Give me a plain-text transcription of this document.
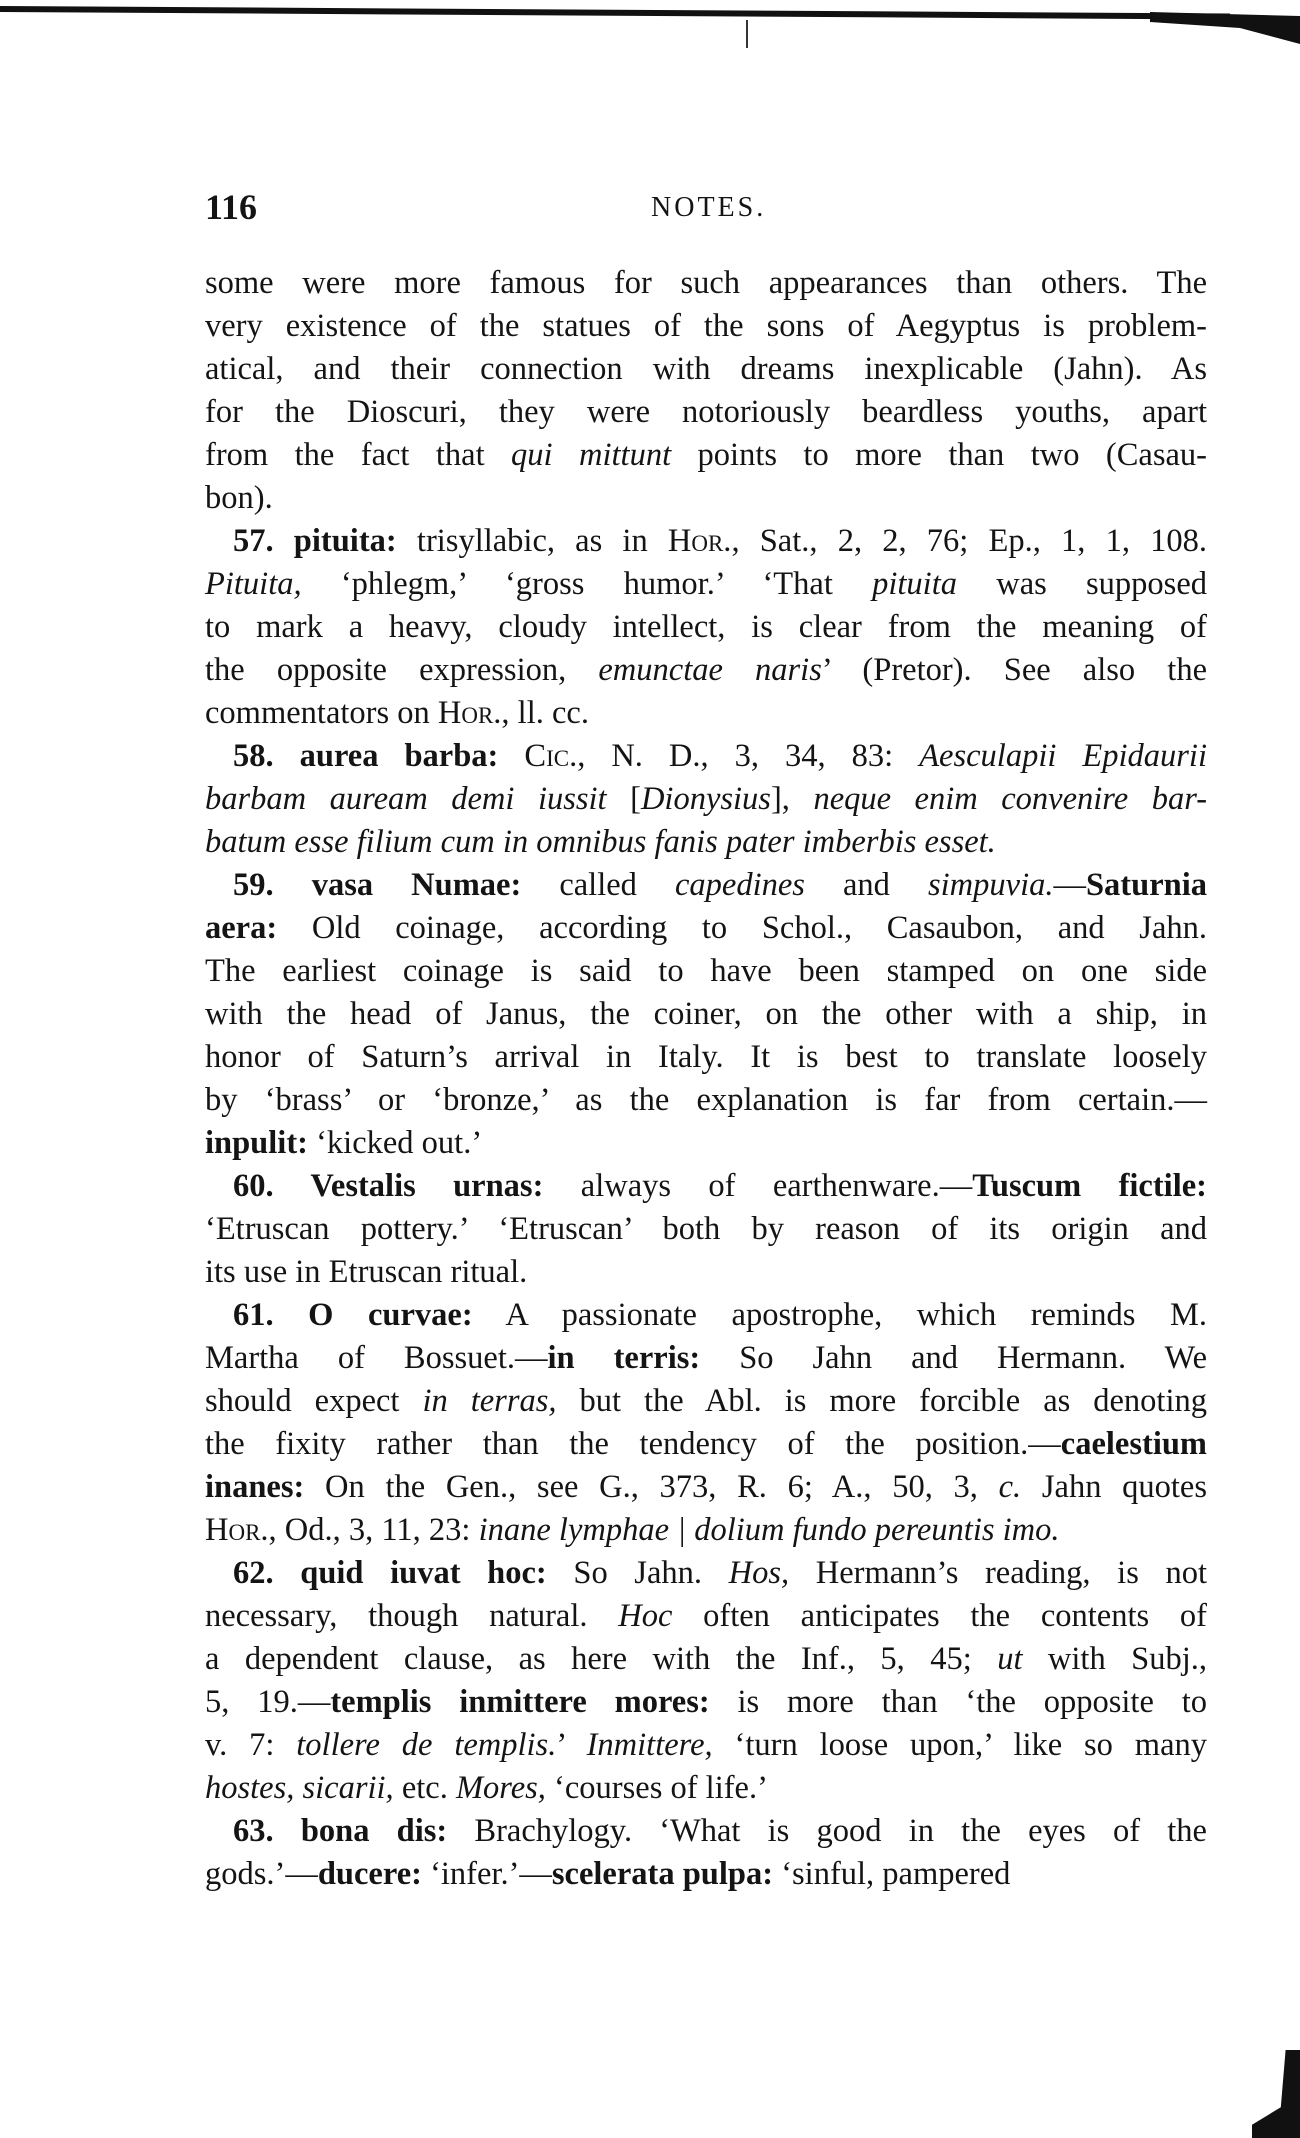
116	NOTES.
some were more famous for such appearances than others. The
very existence of the statues of the sons of Aegyptus is problem-
atical, and their connection with dreams inexplicable (Jahn). As
for the Dioscuri, they were notoriously beardless youths, apart
from the fact that qui mittunt points to more than two (Casau-
bon).
57. pituita: trisyllabic, as in Hor., Sat., 2, 2, 76; Ep., 1, 1, 108.
Pituita, ‘phlegm,’ ‘gross humor.’ ‘That pituita was supposed
to mark a heavy, cloudy intellect, is clear from the meaning of
the opposite expression, emunctae naris’ (Pretor). See also the
commentators on Hor., ll. cc.
58. aurea barba: Cic., N. D., 3, 34, 83: Aesculapii Epidaurii
barbam auream demi iussit [Dionysius], neque enim convenire bar-
batum esse filium cum in omnibus fanis pater imberbis esset.
59. vasa Numae: called capedines and simpuvia.—Saturnia
aera: Old coinage, according to Schol., Casaubon, and Jahn.
The earliest coinage is said to have been stamped on one side
with the head of Janus, the coiner, on the other with a ship, in
honor of Saturn’s arrival in Italy. It is best to translate loosely
by ‘brass’ or ‘bronze,’ as the explanation is far from certain.—
inpulit: ‘kicked out.’
60. Vestalis urnas: always of earthenware.—Tuscum fictile:
‘Etruscan pottery.’ ‘Etruscan’ both by reason of its origin and
its use in Etruscan ritual.
61. O curvae: A passionate apostrophe, which reminds M.
Martha of Bossuet.—in terris: So Jahn and Hermann. We
should expect in terras, but the Abl. is more forcible as denoting
the fixity rather than the tendency of the position.—caelestium
inanes: On the Gen., see G., 373, R. 6; A., 50, 3, c. Jahn quotes
Hor., Od., 3, 11, 23: inane lymphae | dolium fundo pereuntis imo.
62. quid iuvat hoc: So Jahn. Hos, Hermann’s reading, is not
necessary, though natural. Hoc often anticipates the contents of
a dependent clause, as here with the Inf., 5, 45; ut with Subj.,
5, 19.—templis inmittere mores: is more than ‘the opposite to
v. 7: tollere de templis.’ Inmittere, ‘turn loose upon,’ like so many
hostes, sicarii, etc. Mores, ‘courses of life.’
63. bona dis: Brachylogy. ‘What is good in the eyes of the
gods.’—ducere: ‘infer.’—scelerata pulpa: ‘sinful, pampered
